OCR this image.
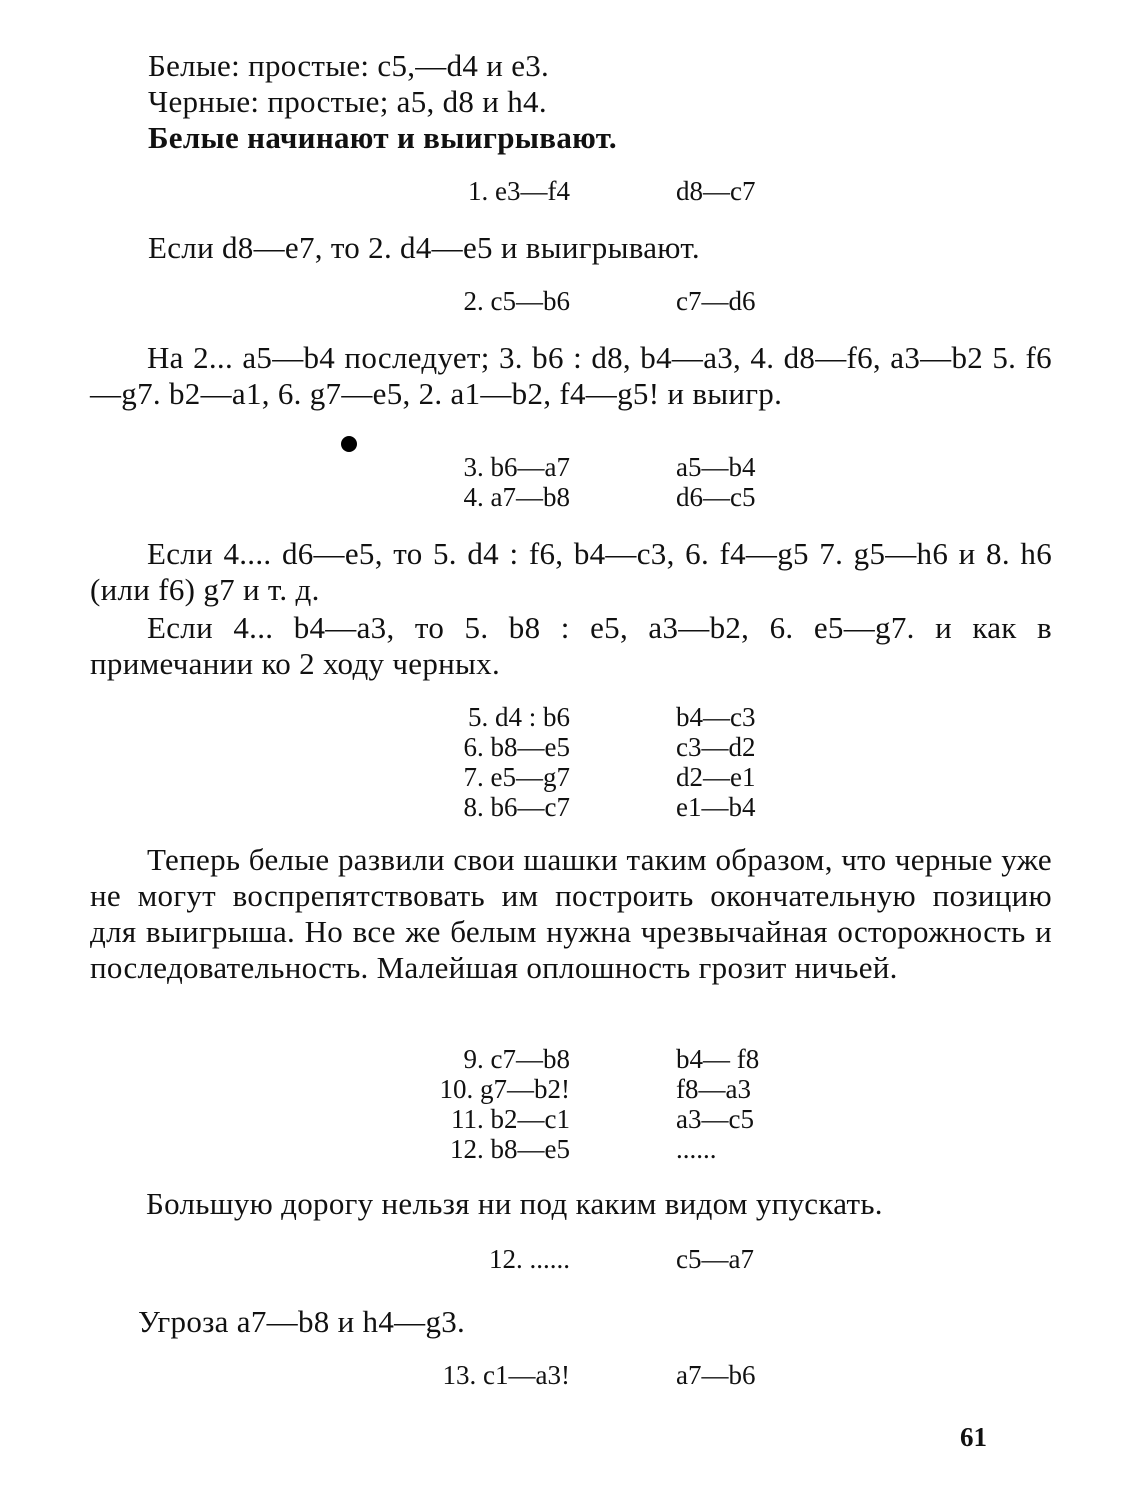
Белые: простые: c5,—d4 и e3.
Черные: простые; a5, d8 и h4.
Белые начинают и выигрывают.
1. e3—f4	d8—c7
Если d8—e7, то 2. d4—e5 и выигрывают.
2. c5—b6	c7—d6
На 2... a5—b4 последует; 3. b6 : d8, b4—a3, 4. d8—f6, a3—b2 5. f6—g7. b2—a1, 6. g7—e5, 2. a1—b2, f4—g5! и выигр.
3. b6—a7	a5—b4
4. a7—b8	d6—c5
Если 4.... d6—e5, то 5. d4 : f6, b4—c3, 6. f4—g5 7. g5—h6 и 8. h6 (или f6) g7 и т. д.
Если 4... b4—a3, то 5. b8 : e5, a3—b2, 6. e5—g7. и как в примечании ко 2 ходу черных.
5. d4 : b6	b4—c3
6. b8—e5	c3—d2
7. e5—g7	d2—e1
8. b6—c7	e1—b4
Теперь белые развили свои шашки таким образом, что черные уже не могут воспрепятствовать им построить окончательную позицию для выигрыша. Но все же белым нужна чрезвычайная осторожность и последовательность. Малейшая оплошность грозит ничьей.
9. c7—b8	b4— f8
10. g7—b2!	f8—a3
11. b2—c1	a3—c5
12. b8—e5	......
Большую дорогу нельзя ни под каким видом упускать.
12. ......	c5—a7
Угроза a7—b8 и h4—g3.
13. c1—a3!	a7—b6
61
